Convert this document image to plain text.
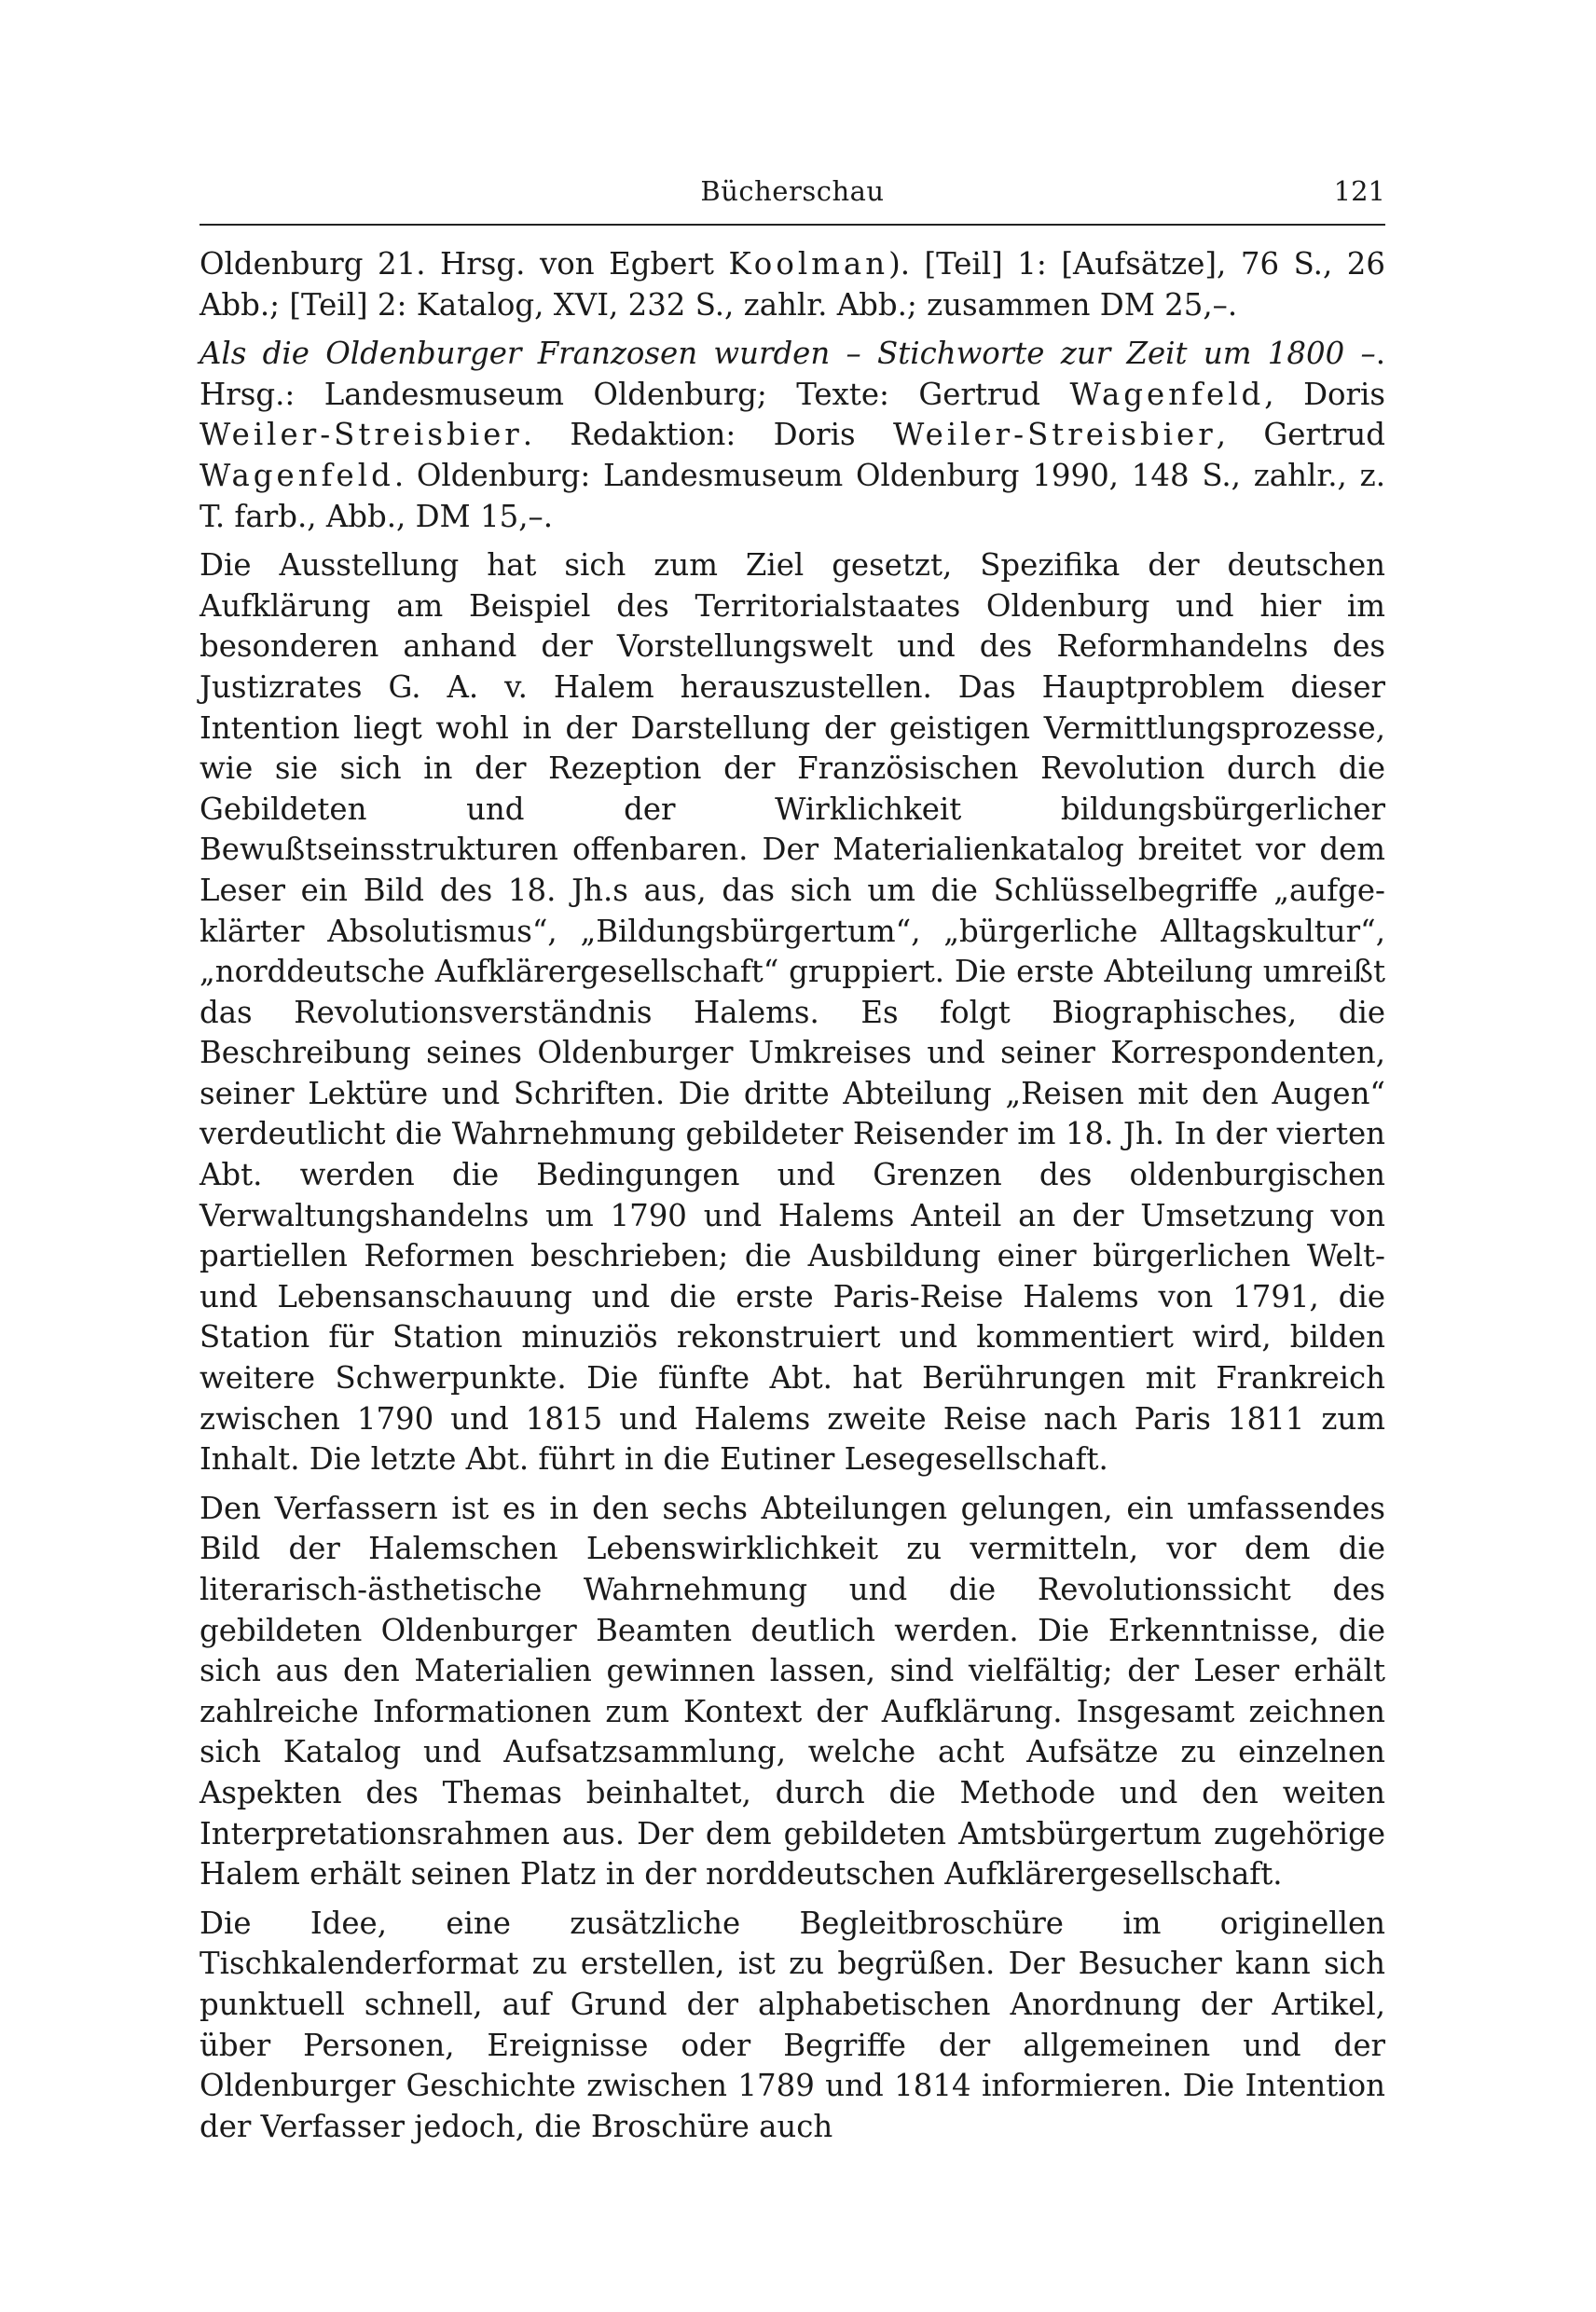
Bücherschau	121

Oldenburg 21. Hrsg. von Egbert Koolman). [Teil] 1: [Aufsätze], 76 S., 26 Abb.; [Teil] 2: Katalog, XVI, 232 S., zahlr. Abb.; zusammen DM 25,–.

Als die Oldenburger Franzosen wurden – Stichworte zur Zeit um 1800 –. Hrsg.: Landesmuseum Oldenburg; Texte: Gertrud Wagenfeld, Doris Weiler-Streisbier. Redaktion: Doris Weiler-Streisbier, Gertrud Wagenfeld. Oldenburg: Landesmuseum Oldenburg 1990, 148 S., zahlr., z. T. farb., Abb., DM 15,–.

Die Ausstellung hat sich zum Ziel gesetzt, Spezifika der deutschen Aufklärung am Beispiel des Territorialstaates Oldenburg und hier im besonderen anhand der Vorstellungswelt und des Reformhandelns des Justizrates G. A. v. Halem herauszustellen. Das Hauptproblem dieser Intention liegt wohl in der Darstellung der geistigen Vermittlungsprozesse, wie sie sich in der Rezeption der Französischen Revolution durch die Gebildeten und der Wirklichkeit bildungsbürgerlicher Bewußtseinsstrukturen offenbaren. Der Materialienkatalog breitet vor dem Leser ein Bild des 18. Jh.s aus, das sich um die Schlüsselbegriffe „aufgeklärter Absolutismus“, „Bildungsbürgertum“, „bürgerliche Alltagskultur“, „norddeutsche Aufklärergesellschaft“ gruppiert. Die erste Abteilung umreißt das Revolutionsverständnis Halems. Es folgt Biographisches, die Beschreibung seines Oldenburger Umkreises und seiner Korrespondenten, seiner Lektüre und Schriften. Die dritte Abteilung „Reisen mit den Augen“ verdeutlicht die Wahrnehmung gebildeter Reisender im 18. Jh. In der vierten Abt. werden die Bedingungen und Grenzen des oldenburgischen Verwaltungshandelns um 1790 und Halems Anteil an der Umsetzung von partiellen Reformen beschrieben; die Ausbildung einer bürgerlichen Welt- und Lebensanschauung und die erste Paris-Reise Halems von 1791, die Station für Station minuziös rekonstruiert und kommentiert wird, bilden weitere Schwerpunkte. Die fünfte Abt. hat Berührungen mit Frankreich zwischen 1790 und 1815 und Halems zweite Reise nach Paris 1811 zum Inhalt. Die letzte Abt. führt in die Eutiner Lesegesellschaft.

Den Verfassern ist es in den sechs Abteilungen gelungen, ein umfassendes Bild der Halemschen Lebenswirklichkeit zu vermitteln, vor dem die literarisch-ästhetische Wahrnehmung und die Revolutionssicht des gebildeten Oldenburger Beamten deutlich werden. Die Erkenntnisse, die sich aus den Materialien gewinnen lassen, sind vielfältig; der Leser erhält zahlreiche Informationen zum Kontext der Aufklärung. Insgesamt zeichnen sich Katalog und Aufsatzsammlung, welche acht Aufsätze zu einzelnen Aspekten des Themas beinhaltet, durch die Methode und den weiten Interpretationsrahmen aus. Der dem gebildeten Amtsbürgertum zugehörige Halem erhält seinen Platz in der norddeutschen Aufklärergesellschaft.

Die Idee, eine zusätzliche Begleitbroschüre im originellen Tischkalenderformat zu erstellen, ist zu begrüßen. Der Besucher kann sich punktuell schnell, auf Grund der alphabetischen Anordnung der Artikel, über Personen, Ereignisse oder Begriffe der allgemeinen und der Oldenburger Geschichte zwischen 1789 und 1814 informieren. Die Intention der Verfasser jedoch, die Broschüre auch
